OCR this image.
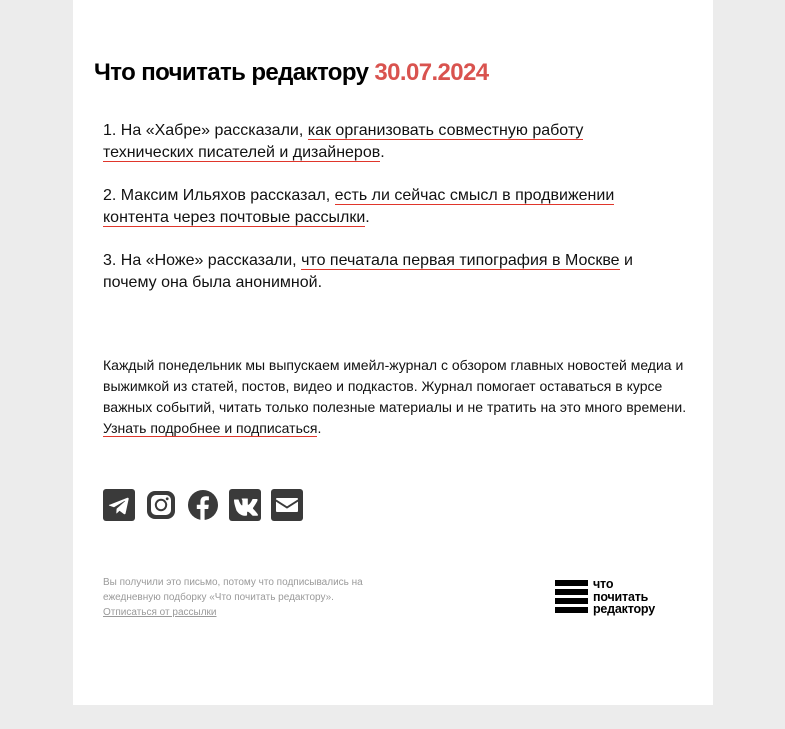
Что почитать редактору 30.07.2024

1. На «Хабре» рассказали, как организовать совместную работу технических писателей и дизайнеров.

2. Максим Ильяхов рассказал, есть ли сейчас смысл в продвижении контента через почтовые рассылки.

3. На «Ноже» рассказали, что печатала первая типография в Москве и почему она была анонимной.

Каждый понедельник мы выпускаем имейл-журнал с обзором главных новостей медиа и выжимкой из статей, постов, видео и подкастов. Журнал помогает оставаться в курсе важных событий, читать только полезные материалы и не тратить на это много времени. Узнать подробнее и подписаться.

Вы получили это письмо, потому что подписывались на ежедневную подборку «Что почитать редактору».
Отписаться от рассылки

что
почитать
редактору
